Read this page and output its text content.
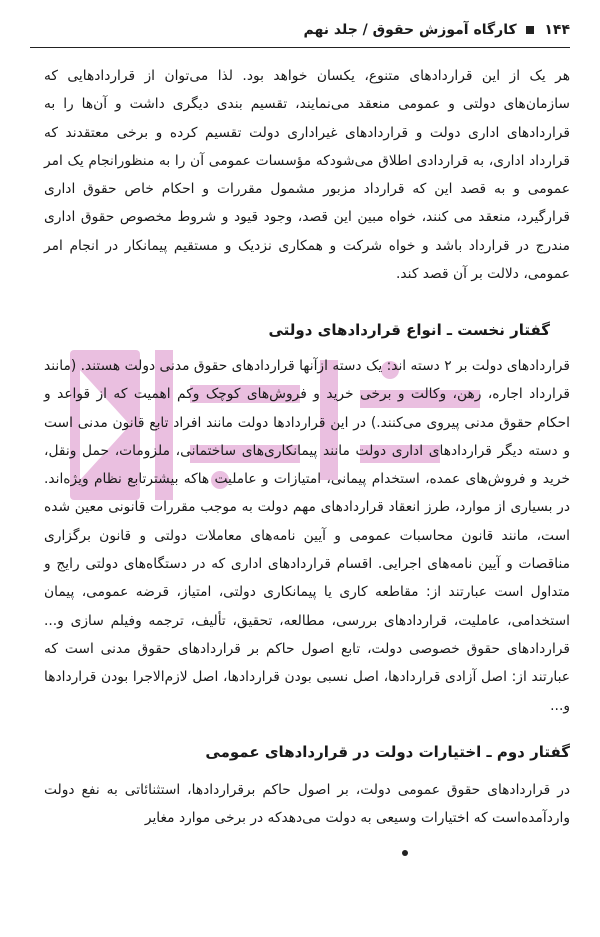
۱۴۴  کارگاه آموزش حقوق / جلد نهم
هر یک از این قراردادهای متنوع، یکسان خواهد بود. لذا می‌توان از قراردادهایی که سازمان‌های دولتی و عمومی منعقد می‌نمایند، تقسیم بندی دیگری داشت و آن‌ها را به قراردادهای اداری دولت و قراردادهای غیراداری دولت تقسیم کرده و برخی معتقدند که قرارداد اداری، به قراردادی اطلاق می‌شودکه مؤسسات عمومی آن را به منظورانجام یک امر عمومی و به قصد این که قرارداد مزبور مشمول مقررات و احکام خاص حقوق اداری قرارگیرد، منعقد می کنند، خواه مبین این قصد، وجود قیود و شروط مخصوص حقوق اداری مندرج در قرارداد باشد و خواه شرکت و همکاری نزدیک و مستقیم پیمانکار در انجام امر عمومی، دلالت بر آن قصد کند.
گفتار نخست ـ انواع قراردادهای دولتی
قراردادهای دولت بر ۲ دسته اند: یک دسته ازآنها قراردادهای حقوق مدنی دولت هستند. (مانند قرارداد اجاره، رهن، وکالت و برخی خرید و فروش‌های کوچک وکم اهمیت که از قواعد و احکام حقوق مدنی پیروی می‌کنند.) در این قراردادها دولت مانند افراد تابع قانون مدنی است و دسته دیگر قراردادهای اداری دولت مانند پیمانکاری‌های ساختمانی، ملزومات، حمل ونقل، خرید و فروش‌های عمده، استخدام پیمانی، امتیازات و عاملیت هاکه بیشترتابع نظام ویژه‌اند. در بسیاری از موارد، طرز انعقاد قراردادهای مهم دولت به موجب مقررات قانونی معین شده است، مانند قانون محاسبات عمومی و آیین نامه‌های معاملات دولتی و قانون برگزاری مناقصات و آیین نامه‌های اجرایی. اقسام قراردادهای اداری که در دستگاه‌های دولتی رایج و متداول است عبارتند از: مقاطعه کاری یا پیمانکاری دولتی، امتیاز، قرضه عمومی، پیمان استخدامی، عاملیت، قراردادهای بررسی، مطالعه، تحقیق، تألیف، ترجمه وفیلم سازی و... قراردادهای حقوق خصوصی دولت، تابع اصول حاکم بر قراردادهای حقوق مدنی است که عبارتند از: اصل آزادی قراردادها، اصل نسبی بودن قراردادها، اصل لازم‌الاجرا بودن قراردادها و...
گفتار دوم ـ اختیارات دولت در قراردادهای عمومی
در قراردادهای حقوق عمومی دولت، بر اصول حاکم برقراردادها، استثنائاتی به نفع دولت واردآمده‌است که اختیارات وسیعی به دولت می‌دهدکه در برخی موارد مغایر
